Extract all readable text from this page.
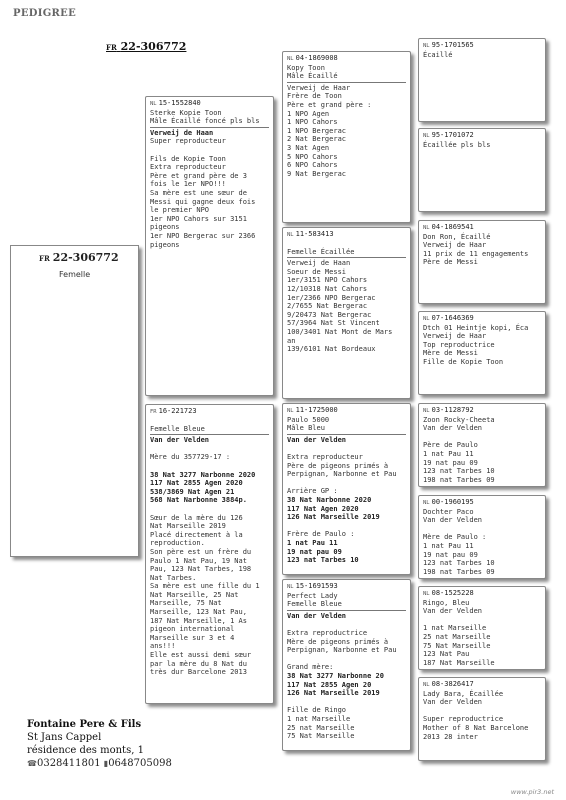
PEDIGREE
FR 22-306772
FR 22-306772
Femelle
NL 15-1552840
Sterke Kopie Toon
Mâle Écaillé foncé pls bls
Verweij de Haan
Super reproducteur

Fils de Kopie Toon
Extra reproducteur
Père et grand père de 3
fois le 1er NPO!!!
Sa mère est une sœur de
Messi qui gagne deux fois
le premier NPO
1er NPO Cahors sur 3151
pigeons
1er NPO Bergerac sur 2366
pigeons
FR 16-221723
Femelle Bleue
Van der Velden

Mère du 357729-17 :

38 Nat 3277 Narbonne 2020
117 Nat 2855 Agen 2020
538/3869 Nat Agen 21
568 Nat Narbonne 3884p.

Sœur de la mère du 126
Nat Marseille 2019
Placé directement à la
reproduction.
Son père est un frère du
Paulo 1 Nat Pau, 19 Nat
Pau, 123 Nat Tarbes, 198
Nat Tarbes.
Sa mère est une fille du 1
Nat Marseille, 25 Nat
Marseille, 75 Nat
Marseille, 123 Nat Pau,
187 Nat Marseille, 1 As
pigeon international
Marseille sur 3 et 4
ans!!!
Elle est aussi demi sœur
par la mère du 8 Nat du
très dur Barcelone 2013
NL 04-1869008
Kopy Toon
Mâle Écaillé
Verweij de Haar
Frère de Toon
Père et grand père :
1 NPO Agen
1 NPO Cahors
1 NPO Bergerac
2 Nat Bergerac
3 Nat Agen
5 NPO Cahors
6 NPO Cahors
9 Nat Bergerac
NL 11-583413
Femelle Écaillée
Verweij de Haan
Soeur de Messi
1er/3151 NPO Cahors
12/10318 Nat Cahors
1er/2366 NPO Bergerac
2/7655 Nat Bergerac
9/20473 Nat Bergerac
57/3964 Nat St Vincent
100/3401 Nat Mont de Mars
an
139/6101 Nat Bordeaux
NL 11-1725000
Paulo 5000
Mâle Bleu
Van der Velden

Extra reproducteur
Père de pigeons primés à
Perpignan, Narbonne et Pau

Arrière GP :
38 Nat Narbonne 2020
117 Nat Agen 2020
126 Nat Marseille 2019

Frère de Paulo :
1 nat Pau 11
19 nat pau 09
123 nat Tarbes 10
NL 15-1691593
Perfect Lady
Femelle Bleue
Van der Velden

Extra reproductrice
Mère de pigeons primés à
Perpignan, Narbonne et Pau

Grand mère:
38 Nat 3277 Narbonne 20
117 Nat 2855 Agen 20
126 Nat Marseille 2019

Fille de Ringo
1 nat Marseille
25 nat Marseille
75 Nat Marseille
NL 95-1701565
Écaillé
NL 95-1701072
Écaillée pls bls
NL 04-1869541
Don Ron, Écaillé
Verweij de Haar
11 prix de 11 engagements
Père de Messi
NL 07-1646369
Dtch 01 Heintje kopi, Éca
Verweij de Haar
Top reproductrice
Mère de Messi
Fille de Kopie Toon
NL 03-1128792
Zoon Rocky-Cheeta
Van der Velden

Père de Paulo
1 nat Pau 11
19 nat pau 09
123 nat Tarbes 10
198 nat Tarbes 09
NL 00-1960195
Dochter Paco
Van der Velden

Mère de Paulo :
1 nat Pau 11
19 nat pau 09
123 nat Tarbes 10
198 nat Tarbes 09
NL 08-1525228
Ringo, Bleu
Van der Velden

1 nat Marseille
25 nat Marseille
75 Nat Marseille
123 Nat Pau
187 Nat Marseille
NL 08-3826417
Lady Bara, Écaillée
Van der Velden

Super reproductrice
Mother of 8 Nat Barcelone
2013 28 inter
Fontaine Pere & Fils
St Jans Cappel
résidence des monts, 1
☎0328411801 ▮0648705098
www.pir3.net
